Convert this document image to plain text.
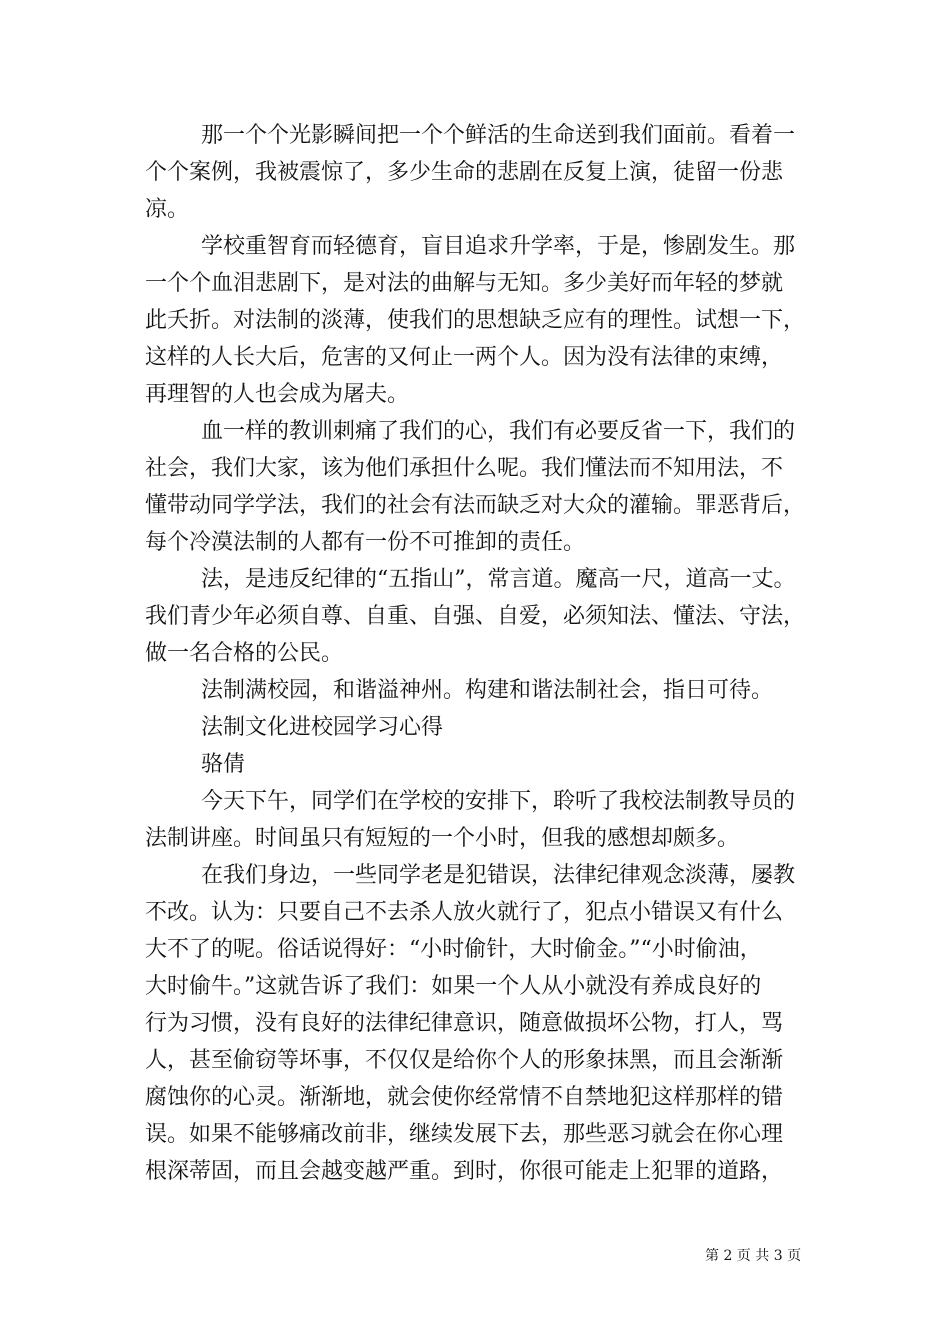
那一个个光影瞬间把一个个鲜活的生命送到我们面前。看着一
个个案例，我被震惊了，多少生命的悲剧在反复上演，徒留一份悲
凉。
学校重智育而轻德育，盲目追求升学率，于是，惨剧发生。那
一个个血泪悲剧下，是对法的曲解与无知。多少美好而年轻的梦就
此夭折。对法制的淡薄，使我们的思想缺乏应有的理性。试想一下，
这样的人长大后，危害的又何止一两个人。因为没有法律的束缚，
再理智的人也会成为屠夫。
血一样的教训刺痛了我们的心，我们有必要反省一下，我们的
社会，我们大家，该为他们承担什么呢。我们懂法而不知用法，不
懂带动同学学法，我们的社会有法而缺乏对大众的灌输。罪恶背后，
每个冷漠法制的人都有一份不可推卸的责任。
法，是违反纪律的“五指山”，常言道。魔高一尺，道高一丈。
我们青少年必须自尊、自重、自强、自爱，必须知法、懂法、守法，
做一名合格的公民。
法制满校园，和谐溢神州。构建和谐法制社会，指日可待。
法制文化进校园学习心得
骆倩
今天下午，同学们在学校的安排下，聆听了我校法制教导员的
法制讲座。时间虽只有短短的一个小时，但我的感想却颇多。
在我们身边，一些同学老是犯错误，法律纪律观念淡薄，屡教
不改。认为：只要自己不去杀人放火就行了，犯点小错误又有什么
大不了的呢。俗话说得好：“小时偷针，大时偷金。”“小时偷油，
大时偷牛。”这就告诉了我们：如果一个人从小就没有养成良好的
行为习惯，没有良好的法律纪律意识，随意做损坏公物，打人，骂
人，甚至偷窃等坏事，不仅仅是给你个人的形象抹黑，而且会渐渐
腐蚀你的心灵。渐渐地，就会使你经常情不自禁地犯这样那样的错
误。如果不能够痛改前非，继续发展下去，那些恶习就会在你心理
根深蒂固，而且会越变越严重。到时，你很可能走上犯罪的道路，
第 2 页 共 3 页
